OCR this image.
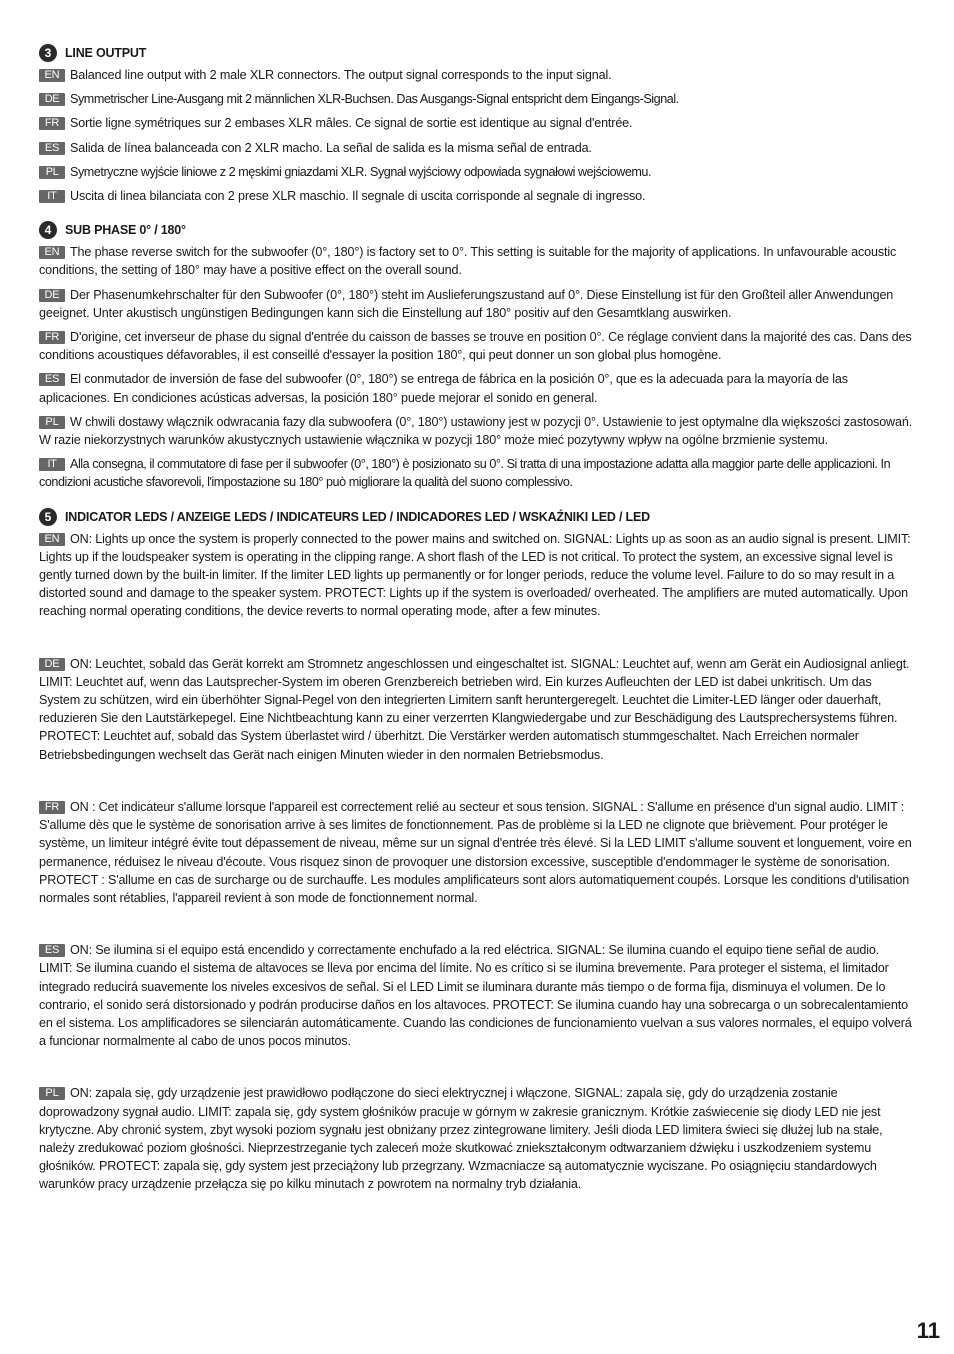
3	LINE OUTPUT

EN Balanced line output with 2 male XLR connectors. The output signal corresponds to the input signal.

DE Symmetrischer Line-Ausgang mit 2 männlichen XLR-Buchsen. Das Ausgangs-Signal entspricht dem Eingangs-Signal.

FR Sortie ligne symétriques sur 2 embases XLR mâles. Ce signal de sortie est identique au signal d'entrée.

ES Salida de línea balanceada con 2 XLR macho. La señal de salida es la misma señal de entrada.

PL Symetryczne wyjście liniowe z 2 męskimi gniazdami XLR. Sygnał wyjściowy odpowiada sygnałowi wejściowemu.

IT Uscita di linea bilanciata con 2 prese XLR maschio. Il segnale di uscita corrisponde al segnale di ingresso.

4	SUB PHASE 0° / 180°

EN The phase reverse switch for the subwoofer (0°, 180°) is factory set to 0°. This setting is suitable for the majority of applications. In unfavourable acoustic conditions, the setting of 180° may have a positive effect on the overall sound.

DE Der Phasenumkehrschalter für den Subwoofer (0°, 180°) steht im Auslieferungszustand auf 0°. Diese Einstellung ist für den Großteil aller Anwendungen geeignet. Unter akustisch ungünstigen Bedingungen kann sich die Einstellung auf 180° positiv auf den Gesamtklang auswirken.

FR D'origine, cet inverseur de phase du signal d'entrée du caisson de basses se trouve en position 0°. Ce réglage convient dans la majorité des cas. Dans des conditions acoustiques défavorables, il est conseillé d'essayer la position 180°, qui peut donner un son global plus homogène.

ES El conmutador de inversión de fase del subwoofer (0°, 180°) se entrega de fábrica en la posición 0°, que es la adecuada para la mayoría de las aplicaciones. En condiciones acústicas adversas, la posición 180° puede mejorar el sonido en general.

PL W chwili dostawy włącznik odwracania fazy dla subwoofera (0°, 180°) ustawiony jest w pozycji 0°. Ustawienie to jest optymalne dla większości zastosowań. W razie niekorzystnych warunków akustycznych ustawienie włącznika w pozycji 180° może mieć pozytywny wpływ na ogólne brzmienie systemu.

IT Alla consegna, il commutatore di fase per il subwoofer (0°, 180°) è posizionato su 0°. Si tratta di una impostazione adatta alla maggior parte delle applicazioni. In condizioni acustiche sfavorevoli, l'impostazione su 180° può migliorare la qualità del suono complessivo.

5	INDICATOR LEDS / ANZEIGE LEDS / INDICATEURS LED / INDICADORES LED / WSKAŹNIKI LED / LED

EN ON: Lights up once the system is properly connected to the power mains and switched on. SIGNAL: Lights up as soon as an audio signal is present. LIMIT: Lights up if the loudspeaker system is operating in the clipping range. A short flash of the LED is not critical. To protect the system, an excessive signal level is gently turned down by the built-in limiter. If the limiter LED lights up permanently or for longer periods, reduce the volume level. Failure to do so may result in a distorted sound and damage to the speaker system. PROTECT: Lights up if the system is overloaded/ overheated. The amplifiers are muted automatically. Upon reaching normal operating conditions, the device reverts to normal operating mode, after a few minutes.

DE ON: Leuchtet, sobald das Gerät korrekt am Stromnetz angeschlossen und eingeschaltet ist. SIGNAL: Leuchtet auf, wenn am Gerät ein Audiosignal anliegt. LIMIT: Leuchtet auf, wenn das Lautsprecher-System im oberen Grenzbereich betrieben wird. Ein kurzes Aufleuchten der LED ist dabei unkritisch. Um das System zu schützen, wird ein überhöhter Signal-Pegel von den integrierten Limitern sanft heruntergeregelt. Leuchtet die Limiter-LED länger oder dauerhaft, reduzieren Sie den Lautstärkepegel. Eine Nichtbeachtung kann zu einer verzerrten Klangwiedergabe und zur Beschädigung des Lautsprechersystems führen. PROTECT: Leuchtet auf, sobald das System überlastet wird / überhitzt. Die Verstärker werden automatisch stummgeschaltet. Nach Erreichen normaler Betriebsbedingungen wechselt das Gerät nach einigen Minuten wieder in den normalen Betriebsmodus.

FR ON : Cet indicateur s'allume lorsque l'appareil est correctement relié au secteur et sous tension. SIGNAL : S'allume en présence d'un signal audio. LIMIT : S'allume dès que le système de sonorisation arrive à ses limites de fonctionnement. Pas de problème si la LED ne clignote que brièvement. Pour protéger le système, un limiteur intégré évite tout dépassement de niveau, même sur un signal d'entrée très élevé. Si la LED LIMIT s'allume souvent et longuement, voire en permanence, réduisez le niveau d'écoute. Vous risquez sinon de provoquer une distorsion excessive, susceptible d'endommager le système de sonorisation. PROTECT : S'allume en cas de surcharge ou de surchauffe. Les modules amplificateurs sont alors automatiquement coupés. Lorsque les conditions d'utilisation normales sont rétablies, l'appareil revient à son mode de fonctionnement normal.

ES ON: Se ilumina si el equipo está encendido y correctamente enchufado a la red eléctrica. SIGNAL: Se ilumina cuando el equipo tiene señal de audio. LIMIT: Se ilumina cuando el sistema de altavoces se lleva por encima del límite. No es crítico si se ilumina brevemente. Para proteger el sistema, el limitador integrado reducirá suavemente los niveles excesivos de señal. Si el LED Limit se iluminara durante más tiempo o de forma fija, disminuya el volumen. De lo contrario, el sonido será distorsionado y podrán producirse daños en los altavoces. PROTECT: Se ilumina cuando hay una sobrecarga o un sobrecalentamiento en el sistema. Los amplificadores se silenciarán automáticamente. Cuando las condiciones de funcionamiento vuelvan a sus valores normales, el equipo volverá a funcionar normalmente al cabo de unos pocos minutos.

PL ON: zapala się, gdy urządzenie jest prawidłowo podłączone do sieci elektrycznej i włączone. SIGNAL: zapala się, gdy do urządzenia zostanie doprowadzony sygnał audio. LIMIT: zapala się, gdy system głośników pracuje w górnym w zakresie granicznym. Krótkie zaświecenie się diody LED nie jest krytyczne. Aby chronić system, zbyt wysoki poziom sygnału jest obniżany przez zintegrowane limitery. Jeśli dioda LED limitera świeci się dłużej lub na stałe, należy zredukować poziom głośności. Nieprzestrzeganie tych zaleceń może skutkować zniekształconym odtwarzaniem dźwięku i uszkodzeniem systemu głośników. PROTECT: zapala się, gdy system jest przeciążony lub przegrzany. Wzmacniacze są automatycznie wyciszane. Po osiągnięciu standardowych warunków pracy urządzenie przełącza się po kilku minutach z powrotem na normalny tryb działania.

11
